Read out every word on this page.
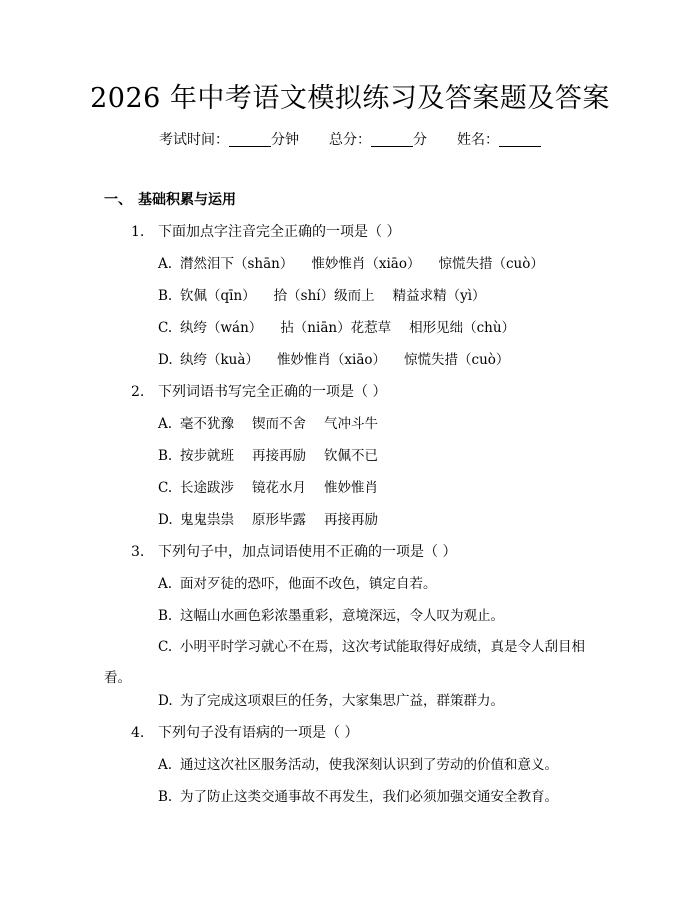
2026 年中考语文模拟练习及答案题及答案
考试时间：	分钟 总分：	分 姓名：
一、 基础积累与运用
1. 下面加点字注音完全正确的一项是（ ）
A. 潸然泪下（shān） 惟妙惟肖（xiāo） 惊慌失措（cuò）
B. 钦佩（qīn） 拾（shí）级而上 精益求精（yì）
C. 纨绔（wán） 拈（niān）花惹草 相形见绌（chù）
D. 纨绔（kuà） 惟妙惟肖（xiāo） 惊慌失措（cuò）
2. 下列词语书写完全正确的一项是（ ）
A. 毫不犹豫 锲而不舍 气冲斗牛
B. 按步就班 再接再励 钦佩不已
C. 长途跋涉 镜花水月 惟妙惟肖
D. 鬼鬼祟祟 原形毕露 再接再励
3. 下列句子中，加点词语使用不正确的一项是（ ）
A. 面对歹徒的恐吓，他面不改色，镇定自若。
B. 这幅山水画色彩浓墨重彩，意境深远，令人叹为观止。
C. 小明平时学习就心不在焉，这次考试能取得好成绩，真是令人刮目相看。
D. 为了完成这项艰巨的任务，大家集思广益，群策群力。
4. 下列句子没有语病的一项是（ ）
A. 通过这次社区服务活动，使我深刻认识到了劳动的价值和意义。
B. 为了防止这类交通事故不再发生，我们必须加强交通安全教育。
